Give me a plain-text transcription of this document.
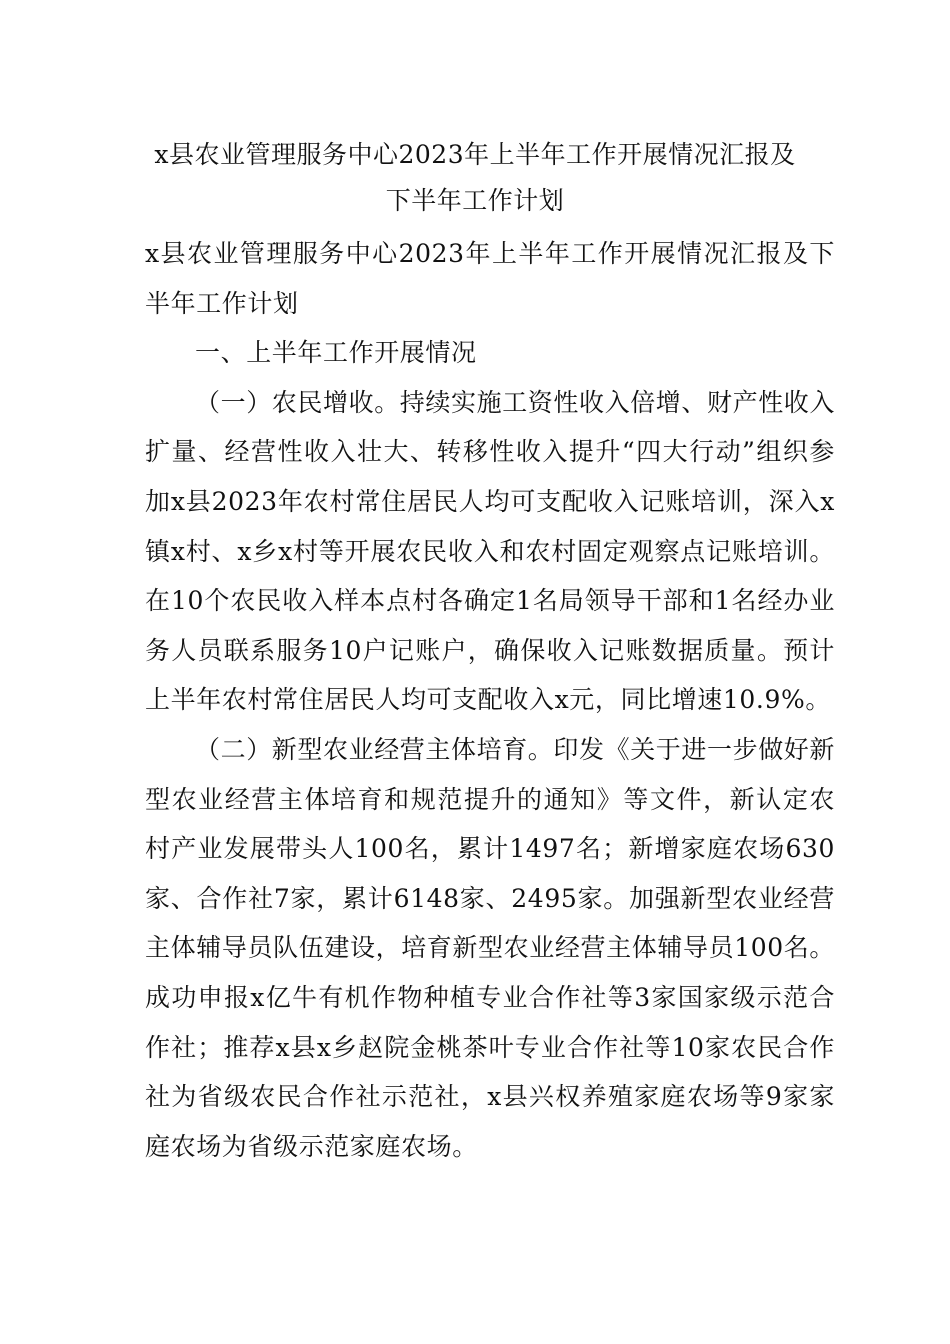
x县农业管理服务中心2023年上半年工作开展情况汇报及
下半年工作计划

x县农业管理服务中心2023年上半年工作开展情况汇报及下半年工作计划

一、上半年工作开展情况

（一）农民增收。持续实施工资性收入倍增、财产性收入扩量、经营性收入壮大、转移性收入提升“四大行动”组织参加x县2023年农村常住居民人均可支配收入记账培训，深入x镇x村、x乡x村等开展农民收入和农村固定观察点记账培训。在10个农民收入样本点村各确定1名局领导干部和1名经办业务人员联系服务10户记账户，确保收入记账数据质量。预计上半年农村常住居民人均可支配收入x元，同比增速10.9%。

（二）新型农业经营主体培育。印发《关于进一步做好新型农业经营主体培育和规范提升的通知》等文件，新认定农村产业发展带头人100名，累计1497名；新增家庭农场630家、合作社7家，累计6148家、2495家。加强新型农业经营主体辅导员队伍建设，培育新型农业经营主体辅导员100名。成功申报x亿牛有机作物种植专业合作社等3家国家级示范合作社；推荐x县x乡赵院金桃茶叶专业合作社等10家农民合作社为省级农民合作社示范社，x县兴权养殖家庭农场等9家家庭农场为省级示范家庭农场。
